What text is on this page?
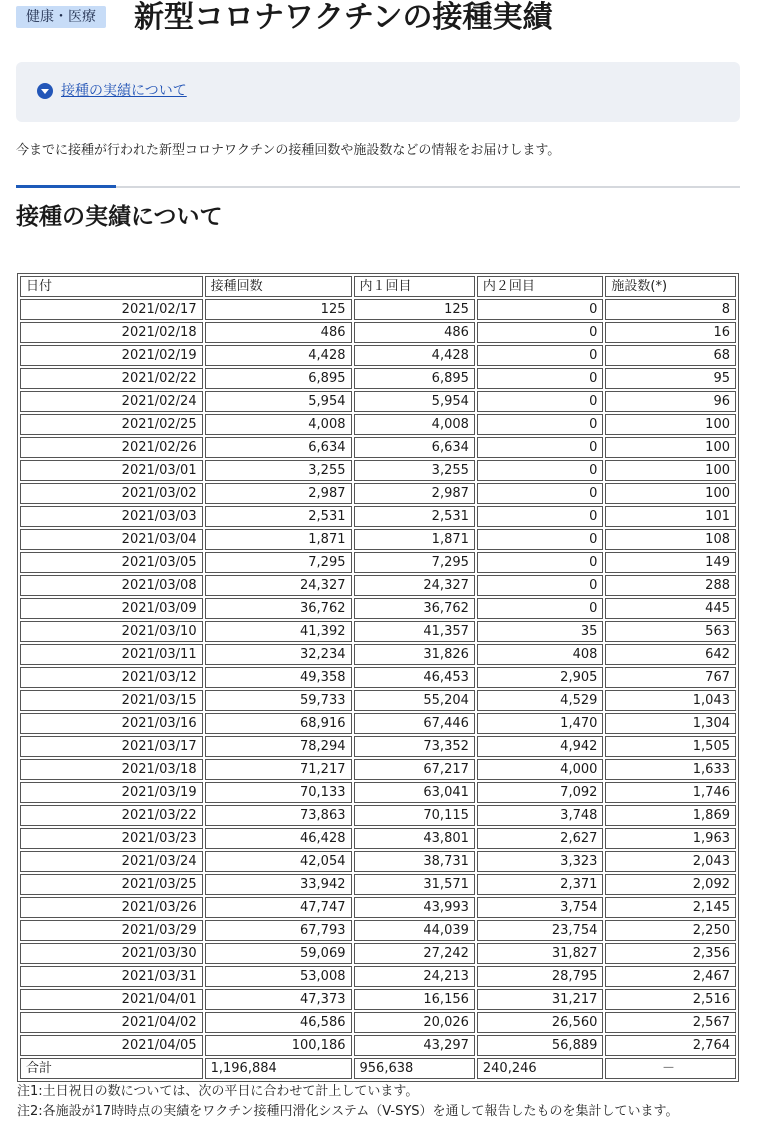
健康・医療	新型コロナワクチンの接種実績
接種の実績について

今までに接種が行われた新型コロナワクチンの接種回数や施設数などの情報をお届けします。

接種の実績について
日付	接種回数	内１回目	内２回目	施設数(*)
2021/02/17	125	125	0	8
2021/02/18	486	486	0	16
2021/02/19	4,428	4,428	0	68
2021/02/22	6,895	6,895	0	95
2021/02/24	5,954	5,954	0	96
2021/02/25	4,008	4,008	0	100
2021/02/26	6,634	6,634	0	100
2021/03/01	3,255	3,255	0	100
2021/03/02	2,987	2,987	0	100
2021/03/03	2,531	2,531	0	101
2021/03/04	1,871	1,871	0	108
2021/03/05	7,295	7,295	0	149
2021/03/08	24,327	24,327	0	288
2021/03/09	36,762	36,762	0	445
2021/03/10	41,392	41,357	35	563
2021/03/11	32,234	31,826	408	642
2021/03/12	49,358	46,453	2,905	767
2021/03/15	59,733	55,204	4,529	1,043
2021/03/16	68,916	67,446	1,470	1,304
2021/03/17	78,294	73,352	4,942	1,505
2021/03/18	71,217	67,217	4,000	1,633
2021/03/19	70,133	63,041	7,092	1,746
2021/03/22	73,863	70,115	3,748	1,869
2021/03/23	46,428	43,801	2,627	1,963
2021/03/24	42,054	38,731	3,323	2,043
2021/03/25	33,942	31,571	2,371	2,092
2021/03/26	47,747	43,993	3,754	2,145
2021/03/29	67,793	44,039	23,754	2,250
2021/03/30	59,069	27,242	31,827	2,356
2021/03/31	53,008	24,213	28,795	2,467
2021/04/01	47,373	16,156	31,217	2,516
2021/04/02	46,586	20,026	26,560	2,567
2021/04/05	100,186	43,297	56,889	2,764
合計	1,196,884	956,638	240,246	－

注1:土日祝日の数については、次の平日に合わせて計上しています。

注2:各施設が17時時点の実績をワクチン接種円滑化システム（V-SYS）を通して報告したものを集計しています。
